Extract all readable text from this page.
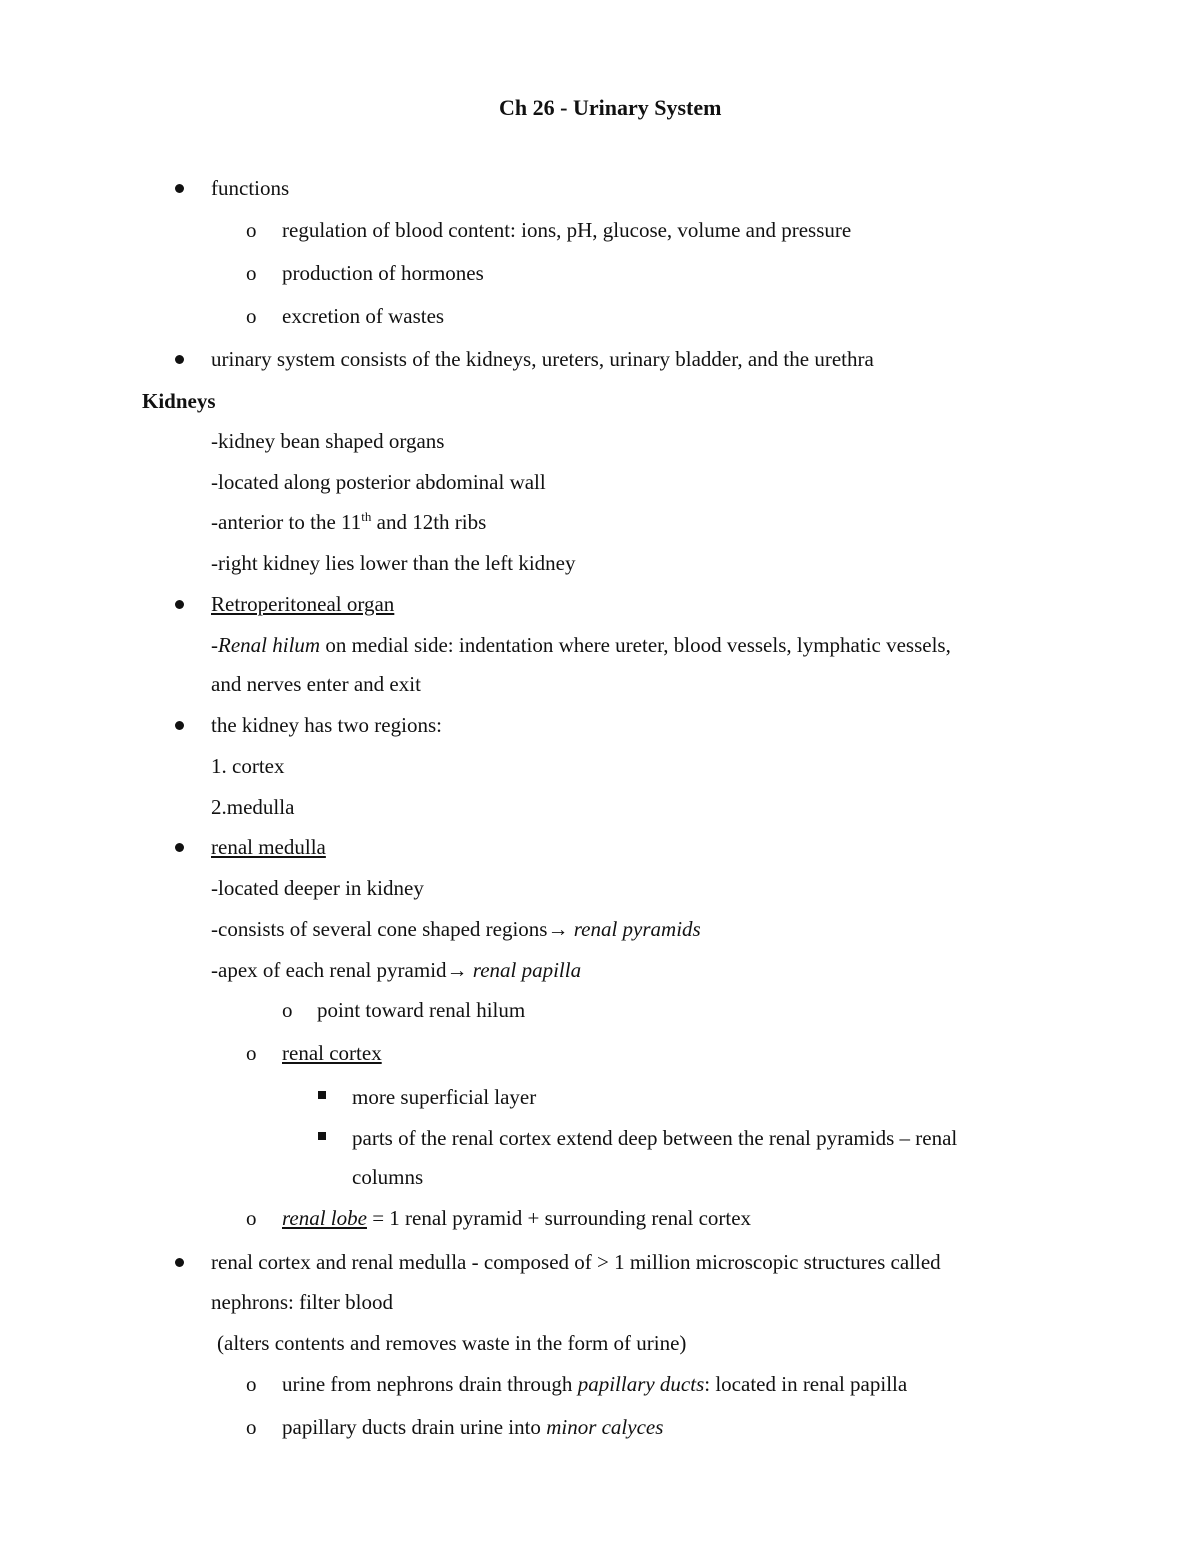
Ch 26 - Urinary System
functions
o regulation of blood content: ions, pH, glucose, volume and pressure
o production of hormones
o excretion of wastes
urinary system consists of the kidneys, ureters, urinary bladder, and the urethra
Kidneys
-kidney bean shaped organs
-located along posterior abdominal wall
-anterior to the 11th and 12th ribs
-right kidney lies lower than the left kidney
Retroperitoneal organ
-Renal hilum on medial side: indentation where ureter, blood vessels, lymphatic vessels,
and nerves enter and exit
the kidney has two regions:
1. cortex
2.medulla
renal medulla
-located deeper in kidney
-consists of several cone shaped regions→ renal pyramids
-apex of each renal pyramid→ renal papilla
o point toward renal hilum
o renal cortex
more superficial layer
parts of the renal cortex extend deep between the renal pyramids – renal
columns
o renal lobe = 1 renal pyramid + surrounding renal cortex
renal cortex and renal medulla - composed of > 1 million microscopic structures called
nephrons: filter blood
(alters contents and removes waste in the form of urine)
o urine from nephrons drain through papillary ducts: located in renal papilla
o papillary ducts drain urine into minor calyces
